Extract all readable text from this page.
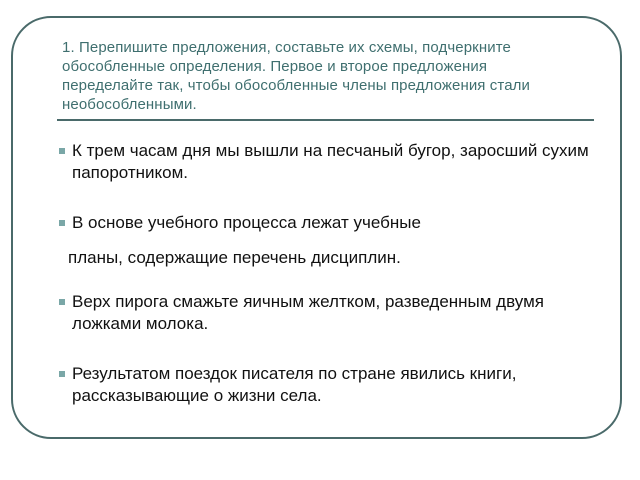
1. Перепишите предложения, составьте их схемы, подчеркните обособленные определения. Первое и второе предложения переделайте так, чтобы обособленные члены предложения стали необособленными.
К трем часам дня мы вышли на песчаный бугор, заросший сухим папоротником.
В основе учебного процесса лежат учебные
планы, содержащие перечень дисциплин.
Верх пирога смажьте яичным желтком, разведенным двумя ложками молока.
Результатом поездок писателя по стране явились книги, рассказывающие о жизни села.
